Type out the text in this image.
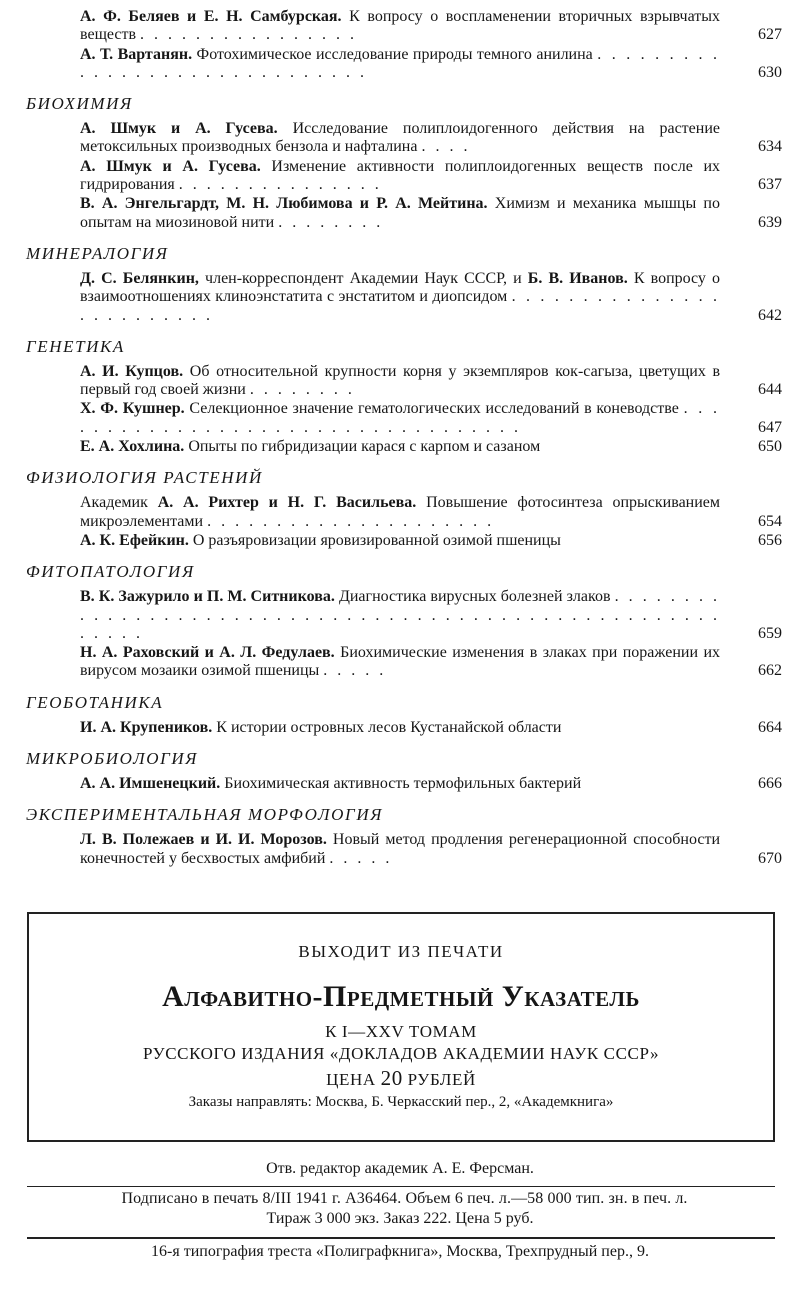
А. Ф. Беляев и Е. Н. Самбурская. К вопросу о воспламенении вторичных взрывчатых веществ . . . . . . . . . . . . . . . .	627
А. Т. Вартанян. Фотохимическое исследование природы темного анилина . . . . . . . . . . . . . . . . . . . . . . . . . . . . . .	630
БИОХИМИЯ
А. Шмук и А. Гусева. Исследование полиплоидогенного действия на растение метоксильных производных бензола и нафталина . . . .	634
А. Шмук и А. Гусева. Изменение активности полиплоидогенных веществ после их гидрирования . . . . . . . . . . . . . . .	637
В. А. Энгельгардт, М. Н. Любимова и Р. А. Мейтина. Химизм и механика мышцы по опытам на миозиновой нити . . . . . . . .	639
МИНЕРАЛОГИЯ
Д. С. Белянкин, член-корреспондент Академии Наук СССР, и Б. В. Иванов. К вопросу о взаимоотношениях клиноэнстатита с энстатитом и диопсидом . . . . . . . . . . . . . . . . . . . . . . . . .	642
ГЕНЕТИКА
А. И. Купцов. Об относительной крупности корня у экземпляров кок-сагыза, цветущих в первый год своей жизни . . . . . . . .	644
Х. Ф. Кушнер. Селекционное значение гематологических исследований в коневодстве . . . . . . . . . . . . . . . . . . . . . . . . . . . . . . . . . . .	647
Е. А. Хохлина. Опыты по гибридизации карася с карпом и сазаном	650
ФИЗИОЛОГИЯ РАСТЕНИЙ
Академик А. А. Рихтер и Н. Г. Васильева. Повышение фотосинтеза опрыскиванием микроэлементами . . . . . . . . . . . . . . . . . . . . .	654
А. К. Ефейкин. О разъяровизации яровизированной озимой пшеницы	656
ФИТОПАТОЛОГИЯ
В. К. Зажурило и П. М. Ситникова. Диагностика вирусных болезней злаков . . . . . . . . . . . . . . . . . . . . . . . . . . . . . . . . . . . . . . . . . . . . . . . . . . . . . . . . . . .	659
Н. А. Раховский и А. Л. Федулаев. Биохимические изменения в злаках при поражении их вирусом мозаики озимой пшеницы . . . . .	662
ГЕОБОТАНИКА
И. А. Крупеников. К истории островных лесов Кустанайской области	664
МИКРОБИОЛОГИЯ
А. А. Имшенецкий. Биохимическая активность термофильных бактерий	666
ЭКСПЕРИМЕНТАЛЬНАЯ МОРФОЛОГИЯ
Л. В. Полежаев и И. И. Морозов. Новый метод продления регенерационной способности конечностей у бесхвостых амфибий . . . . .	670
ВЫХОДИТ ИЗ ПЕЧАТИ
Алфавитно-Предметный Указатель
К I—XXV ТОМАМ
РУССКОГО ИЗДАНИЯ «ДОКЛАДОВ АКАДЕМИИ НАУК СССР»
ЦЕНА 20 РУБЛЕЙ
Заказы направлять: Москва, Б. Черкасский пер., 2, «Академкнига»
Отв. редактор академик А. Е. Ферсман.
Подписано в печать 8/III 1941 г. А36464. Объем 6 печ. л.—58 000 тип. зн. в печ. л.
Тираж 3 000 экз. Заказ 222. Цена 5 руб.
16-я типография треста «Полиграфкнига», Москва, Трехпрудный пер., 9.
